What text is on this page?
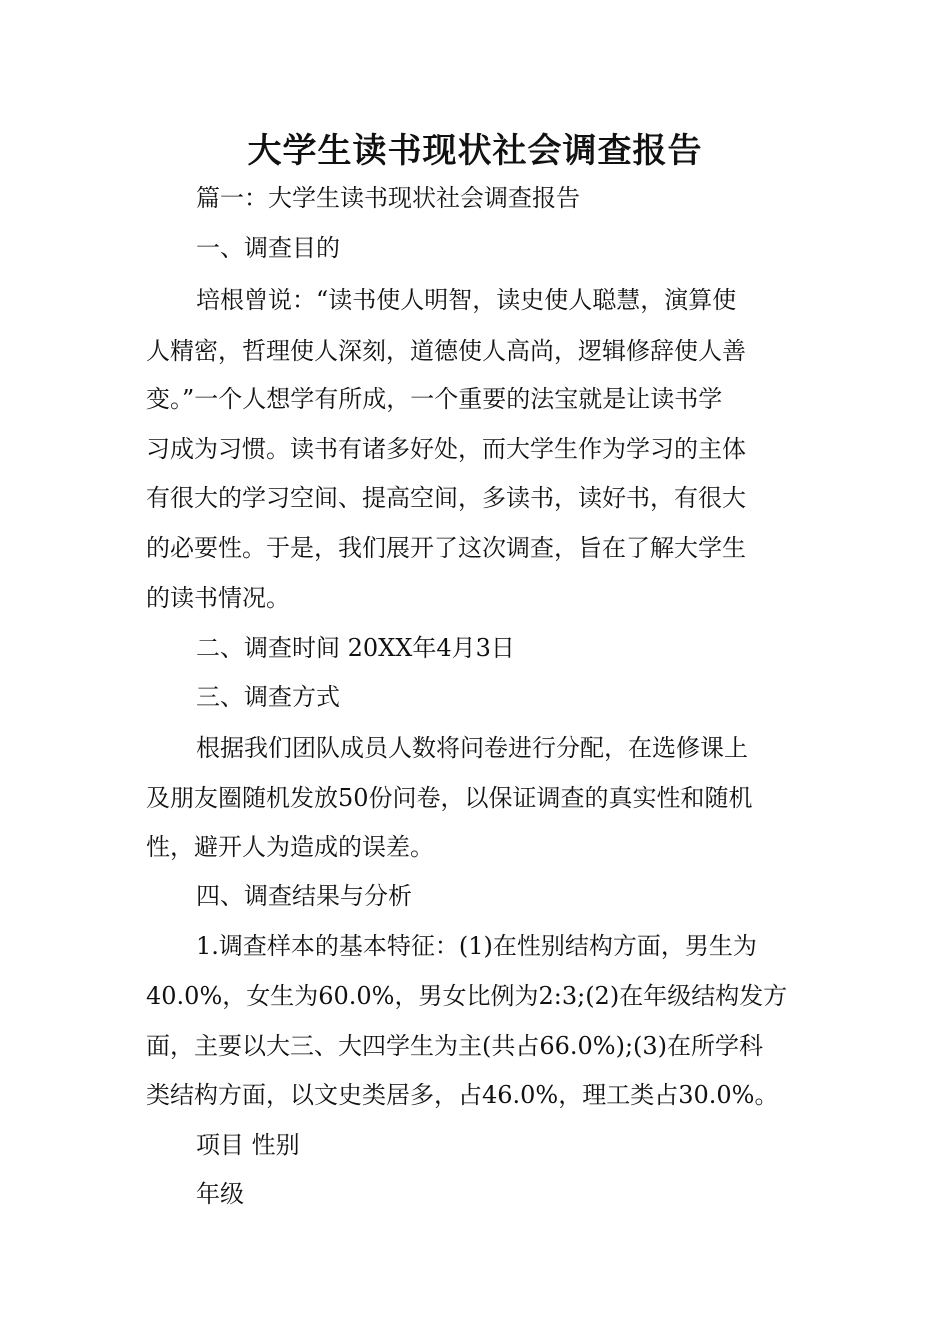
大学生读书现状社会调查报告

篇一：大学生读书现状社会调查报告

一、调查目的

培根曾说：“读书使人明智，读史使人聪慧，演算使

人精密，哲理使人深刻，道德使人高尚，逻辑修辞使人善

变。”一个人想学有所成，一个重要的法宝就是让读书学

习成为习惯。读书有诸多好处，而大学生作为学习的主体

有很大的学习空间、提高空间，多读书，读好书，有很大

的必要性。于是，我们展开了这次调查，旨在了解大学生

的读书情况。

二、调查时间 20XX年4月3日

三、调查方式

根据我们团队成员人数将问卷进行分配，在选修课上

及朋友圈随机发放50份问卷，以保证调查的真实性和随机

性，避开人为造成的误差。

四、调查结果与分析

1.调查样本的基本特征：(1)在性别结构方面，男生为

40.0%，女生为60.0%，男女比例为2:3;(2)在年级结构发方

面，主要以大三、大四学生为主(共占66.0%);(3)在所学科

类结构方面，以文史类居多，占46.0%，理工类占30.0%。

项目 性别

年级
